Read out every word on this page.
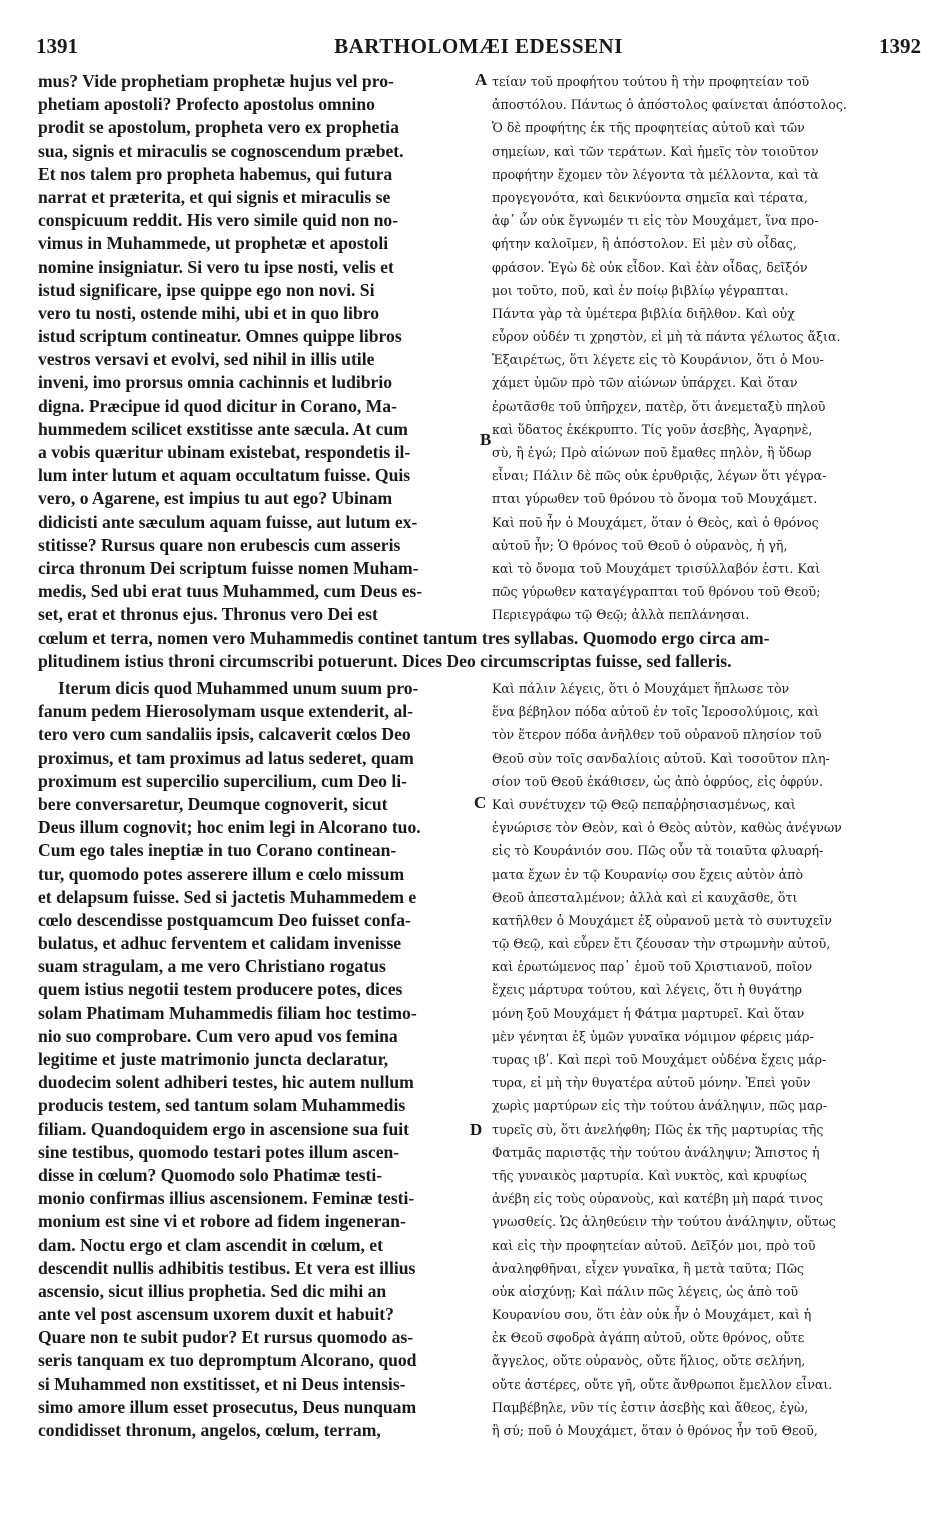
1391	BARTHOLOMÆI EDESSENI	1392
A
B
C
D
mus? Vide prophetiam prophetæ hujus vel pro-
phetiam apostoli? Profecto apostolus omnino
prodit se apostolum, propheta vero ex prophetia
sua, signis et miraculis se cognoscendum præbet.
Et nos talem pro propheta habemus, qui futura
narrat et præterita, et qui signis et miraculis se
conspicuum reddit. His vero simile quid non no-
vimus in Muhammede, ut prophetæ et apostoli
nomine insigniatur. Si vero tu ipse nosti, velis et
istud significare, ipse quippe ego non novi. Si
vero tu nosti, ostende mihi, ubi et in quo libro
istud scriptum contineatur. Omnes quippe libros
vestros versavi et evolvi, sed nihil in illis utile
inveni, imo prorsus omnia cachinnis et ludibrio
digna. Præcipue id quod dicitur in Corano, Ma-
hummedem scilicet exstitisse ante sæcula. At cum
a vobis quæritur ubinam existebat, respondetis il-
lum inter lutum et aquam occultatum fuisse. Quis
vero, o Agarene, est impius tu aut ego? Ubinam
didicisti ante sæculum aquam fuisse, aut lutum ex-
stitisse? Rursus quare non erubescis cum asseris
circa thronum Dei scriptum fuisse nomen Muham-
medis, Sed ubi erat tuus Muhammed, cum Deus es-
set, erat et thronus ejus. Thronus vero Dei est
τείαν τοῦ προφήτου τούτου ἢ τὴν προφητείαν τοῦ
ἀποστόλου. Πάντως ὁ ἀπόστολος φαίνεται ἀπόστολος.
Ὁ δὲ προφήτης ἐκ τῆς προφητείας αὐτοῦ καὶ τῶν
σημείων, καὶ τῶν τεράτων. Καὶ ἡμεῖς τὸν τοιοῦτον
προφήτην ἔχομεν τὸν λέγοντα τὰ μέλλοντα, καὶ τὰ
προγεγονότα, καὶ δεικνύοντα σημεῖα καὶ τέρατα,
ἀφ᾽ ὧν οὐκ ἔγνωμέν τι εἰς τὸν Μουχάμετ, ἵνα προ-
φήτην καλοῖμεν, ἢ ἀπόστολον. Εἰ μὲν σὺ οἶδας,
φράσον. Ἐγὼ δὲ οὐκ εἶδον. Καὶ ἐὰν οἶδας, δεῖξόν
μοι τοῦτο, ποῦ, καὶ ἐν ποίῳ βιβλίῳ γέγραπται.
Πάντα γὰρ τὰ ὑμέτερα βιβλία διῆλθον. Καὶ οὐχ
εὗρον οὐδέν τι χρηστὸν, εἰ μὴ τὰ πάντα γέλωτος ἄξια.
Ἐξαιρέτως, ὅτι λέγετε εἰς τὸ Κουράνιον, ὅτι ὁ Μου-
χάμετ ὑμῶν πρὸ τῶν αἰώνων ὑπάρχει. Καὶ ὅταν
ἐρωτᾶσθε τοῦ ὑπῆρχεν, πατὲρ, ὅτι ἀνεμεταξὺ πηλοῦ
καὶ ὕδατος ἐκέκρυπτο. Τίς γοῦν ἀσεβὴς, Ἀγαρηνὲ,
σὺ, ἢ ἐγώ; Πρὸ αἰώνων ποῦ ἔμαθες πηλὸν, ἢ ὕδωρ
εἶναι; Πάλιν δὲ πῶς οὐκ ἐρυθριᾷς, λέγων ὅτι γέγρα-
πται γύρωθεν τοῦ θρόνου τὸ ὄνομα τοῦ Μουχάμετ.
Καὶ ποῦ ἦν ὁ Μουχάμετ, ὅταν ὁ Θεὸς, καὶ ὁ θρόνος
αὐτοῦ ἦν; Ὁ θρόνος τοῦ Θεοῦ ὁ οὐρανὸς, ἡ γῆ,
καὶ τὸ ὄνομα τοῦ Μουχάμετ τρισύλλαβόν ἐστι. Καὶ
πῶς γύρωθεν καταγέγραπται τοῦ θρόνου τοῦ Θεοῦ;
Περιεγράφω τῷ Θεῷ; ἀλλὰ πεπλάνησαι.
cœlum et terra, nomen vero Muhammedis continet tantum tres syllabas. Quomodo ergo circa am-
plitudinem istius throni circumscribi potuerunt. Dices Deo circumscriptas fuisse, sed falleris.
Iterum dicis quod Muhammed unum suum pro-
fanum pedem Hierosolymam usque extenderit, al-
tero vero cum sandaliis ipsis, calcaverit cœlos Deo
proximus, et tam proximus ad latus sederet, quam
proximum est supercilio supercilium, cum Deo li-
bere conversaretur, Deumque cognoverit, sicut
Deus illum cognovit; hoc enim legi in Alcorano tuo.
Cum ego tales ineptiæ in tuo Corano continean-
tur, quomodo potes asserere illum e cœlo missum
et delapsum fuisse. Sed si jactetis Muhammedem e
cœlo descendisse postquamcum Deo fuisset confa-
bulatus, et adhuc ferventem et calidam invenisse
suam stragulam, a me vero Christiano rogatus
quem istius negotii testem producere potes, dices
solam Phatimam Muhammedis filiam hoc testimo-
nio suo comprobare. Cum vero apud vos femina
legitime et juste matrimonio juncta declaratur,
duodecim solent adhiberi testes, hic autem nullum
producis testem, sed tantum solam Muhammedis
filiam. Quandoquidem ergo in ascensione sua fuit
sine testibus, quomodo testari potes illum ascen-
disse in cœlum? Quomodo solo Phatimæ testi-
monio confirmas illius ascensionem. Feminæ testi-
monium est sine vi et robore ad fidem ingeneran-
dam. Noctu ergo et clam ascendit in cœlum, et
descendit nullis adhibitis testibus. Et vera est illius
ascensio, sicut illius prophetia. Sed dic mihi an
ante vel post ascensum uxorem duxit et habuit?
Quare non te subit pudor? Et rursus quomodo as-
seris tanquam ex tuo depromptum Alcorano, quod
si Muhammed non exstitisset, et ni Deus intensis-
simo amore illum esset prosecutus, Deus nunquam
condidisset thronum, angelos, cœlum, terram,
Καὶ πάλιν λέγεις, ὅτι ὁ Μουχάμετ ἥπλωσε τὸν
ἕνα βέβηλον πόδα αὐτοῦ ἐν τοῖς Ἱεροσολύμοις, καὶ
τὸν ἕτερον πόδα ἀνῆλθεν τοῦ οὐρανοῦ πλησίον τοῦ
Θεοῦ σὺν τοῖς σανδαλίοις αὐτοῦ. Καὶ τοσοῦτον πλη-
σίον τοῦ Θεοῦ ἐκάθισεν, ὡς ἀπὸ ὀφρύος, εἰς ὀφρύν.
Καὶ συνέτυχεν τῷ Θεῷ πεπαῤῥησιασμένως, καὶ
ἐγνώρισε τὸν Θεὸν, καὶ ὁ Θεὸς αὐτὸν, καθὼς ἀνέγνων
εἰς τὸ Κουράνιόν σου. Πῶς οὖν τὰ τοιαῦτα φλυαρή-
ματα ἔχων ἐν τῷ Κουρανίῳ σου ἔχεις αὐτὸν ἀπὸ
Θεοῦ ἀπεσταλμένον; ἀλλὰ καὶ εἰ καυχᾶσθε, ὅτι
κατῆλθεν ὁ Μουχάμετ ἐξ οὐρανοῦ μετὰ τὸ συντυχεῖν
τῷ Θεῷ, καὶ εὗρεν ἔτι ζέουσαν τὴν στρωμνὴν αὐτοῦ,
καὶ ἐρωτώμενος παρ᾽ ἐμοῦ τοῦ Χριστιανοῦ, ποῖον
ἔχεις μάρτυρα τούτου, καὶ λέγεις, ὅτι ἡ θυγάτηρ
μόνη ξοῦ Μουχάμετ ἡ Φάτμα μαρτυρεῖ. Καὶ ὅταν
μὲν γένηται ἐξ ὑμῶν γυναῖκα νόμιμον φέρεις μάρ-
τυρας ιβʹ. Καὶ περὶ τοῦ Μουχάμετ οὐδένα ἔχεις μάρ-
τυρα, εἰ μὴ τὴν θυγατέρα αὐτοῦ μόνην. Ἐπεὶ γοῦν
χωρὶς μαρτύρων εἰς τὴν τούτου ἀνάληψιν, πῶς μαρ-
τυρεῖς σὺ, ὅτι ἀνελήφθη; Πῶς ἐκ τῆς μαρτυρίας τῆς
Φατμᾶς παριστᾷς τὴν τούτου ἀνάληψιν; Ἄπιστος ἡ
τῆς γυναικὸς μαρτυρία. Καὶ νυκτὸς, καὶ κρυφίως
ἀνέβη εἰς τοὺς οὐρανοὺς, καὶ κατέβη μὴ παρά τινος
γνωσθείς. Ὡς ἀληθεύειν τὴν τούτου ἀνάληψιν, οὕτως
καὶ εἰς τὴν προφητείαν αὐτοῦ. Δεῖξόν μοι, πρὸ τοῦ
ἀναληφθῆναι, εἶχεν γυναῖκα, ἢ μετὰ ταῦτα; Πῶς
οὐκ αἰσχύνῃ; Καὶ πάλιν πῶς λέγεις, ὡς ἀπὸ τοῦ
Κουρανίου σου, ὅτι ἐὰν οὐκ ἦν ὁ Μουχάμετ, καὶ ἡ
ἐκ Θεοῦ σφοδρὰ ἀγάπη αὐτοῦ, οὔτε θρόνος, οὔτε
ἄγγελος, οὔτε οὐρανὸς, οὔτε ἥλιος, οὔτε σελήνη,
οὔτε ἀστέρες, οὔτε γῆ, οὔτε ἄνθρωποι ἔμελλον εἶναι.
Παμβέβηλε, νῦν τίς ἐστιν ἀσεβὴς καὶ ἄθεος, ἐγὼ,
ἢ σύ; ποῦ ὁ Μουχάμετ, ὅταν ὁ θρόνος ἦν τοῦ Θεοῦ,
